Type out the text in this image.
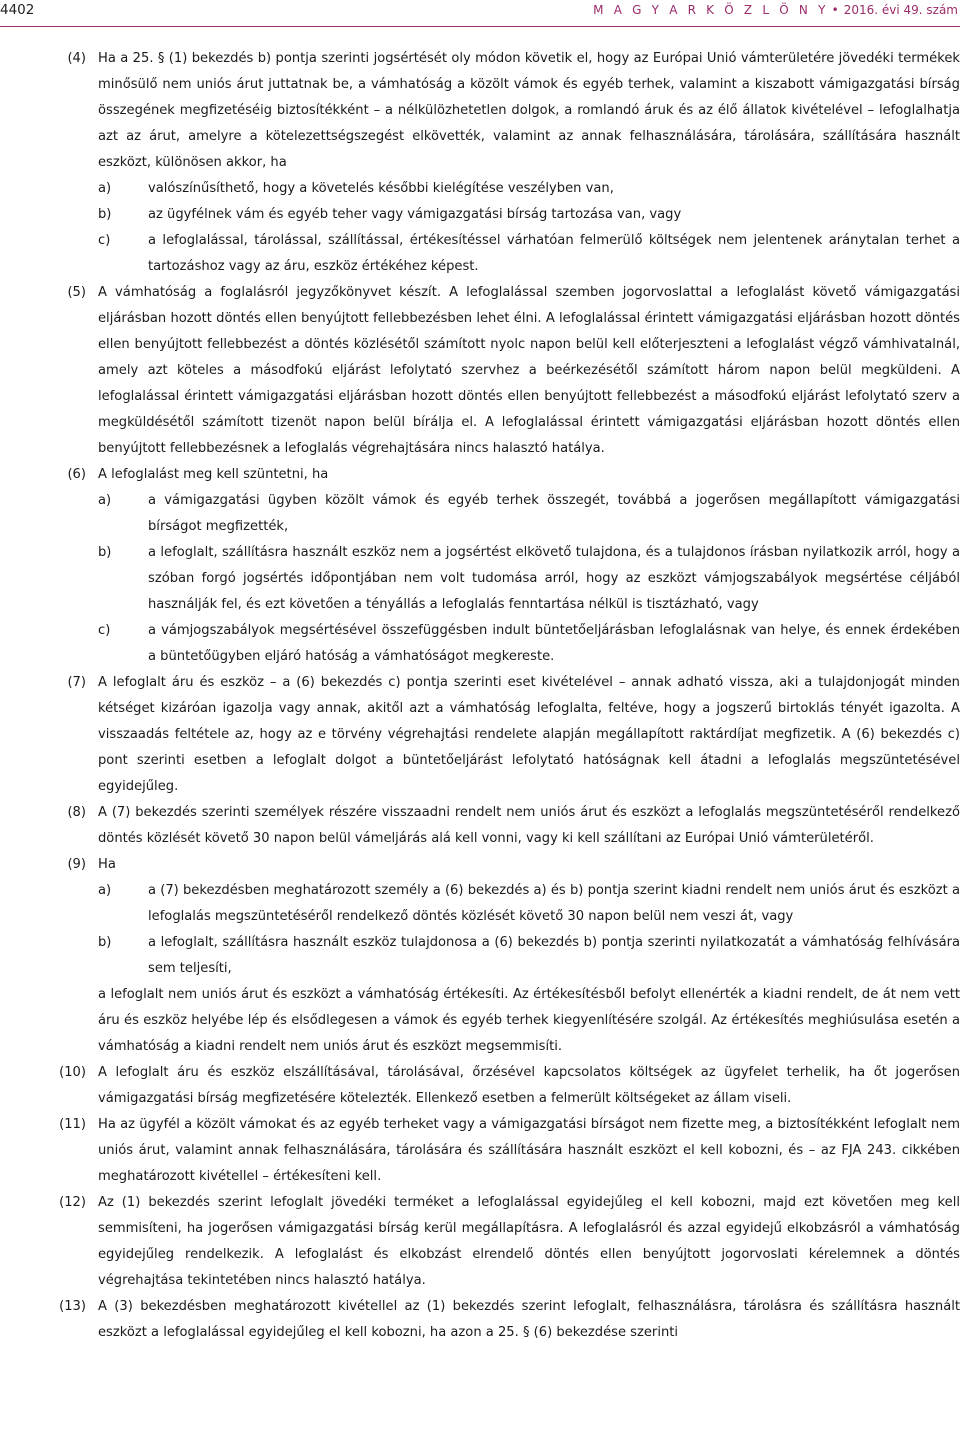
4402	M A G Y A R K Ö Z L Ö N Y • 2016. évi 49. szám
(4) Ha a 25. § (1) bekezdés b) pontja szerinti jogsértését oly módon követik el, hogy az Európai Unió vámterületére jövedéki termékek minősülő nem uniós árut juttatnak be, a vámhatóság a közölt vámok és egyéb terhek, valamint a kiszabott vámigazgatási bírság összegének megfizetéséig biztosítékként – a nélkülözhetetlen dolgok, a romlandó áruk és az élő állatok kivételével – lefoglalhatja azt az árut, amelyre a kötelezettségszegést elkövették, valamint az annak felhasználására, tárolására, szállítására használt eszközt, különösen akkor, ha
a)	valószínűsíthető, hogy a követelés későbbi kielégítése veszélyben van,
b)	az ügyfélnek vám és egyéb teher vagy vámigazgatási bírság tartozása van, vagy
c)	a lefoglalással, tárolással, szállítással, értékesítéssel várhatóan felmerülő költségek nem jelentenek aránytalan terhet a tartozáshoz vagy az áru, eszköz értékéhez képest.
(5) A vámhatóság a foglalásról jegyzőkönyvet készít. A lefoglalással szemben jogorvoslattal a lefoglalást követő vámigazgatási eljárásban hozott döntés ellen benyújtott fellebbezésben lehet élni. A lefoglalással érintett vámigazgatási eljárásban hozott döntés ellen benyújtott fellebbezést a döntés közlésétől számított nyolc napon belül kell előterjeszteni a lefoglalást végző vámhivatalnál, amely azt köteles a másodfokú eljárást lefolytató szervhez a beérkezésétől számított három napon belül megküldeni. A lefoglalással érintett vámigazgatási eljárásban hozott döntés ellen benyújtott fellebbezést a másodfokú eljárást lefolytató szerv a megküldésétől számított tizenöt napon belül bírálja el. A lefoglalással érintett vámigazgatási eljárásban hozott döntés ellen benyújtott fellebbezésnek a lefoglalás végrehajtására nincs halasztó hatálya.
(6) A lefoglalást meg kell szüntetni, ha
a)	a vámigazgatási ügyben közölt vámok és egyéb terhek összegét, továbbá a jogerősen megállapított vámigazgatási bírságot megfizették,
b)	a lefoglalt, szállításra használt eszköz nem a jogsértést elkövető tulajdona, és a tulajdonos írásban nyilatkozik arról, hogy a szóban forgó jogsértés időpontjában nem volt tudomása arról, hogy az eszközt vámjogszabályok megsértése céljából használják fel, és ezt követően a tényállás a lefoglalás fenntartása nélkül is tisztázható, vagy
c)	a vámjogszabályok megsértésével összefüggésben indult büntetőeljárásban lefoglalásnak van helye, és ennek érdekében a büntetőügyben eljáró hatóság a vámhatóságot megkereste.
(7) A lefoglalt áru és eszköz – a (6) bekezdés c) pontja szerinti eset kivételével – annak adható vissza, aki a tulajdonjogát minden kétséget kizáróan igazolja vagy annak, akitől azt a vámhatóság lefoglalta, feltéve, hogy a jogszerű birtoklás tényét igazolta. A visszaadás feltétele az, hogy az e törvény végrehajtási rendelete alapján megállapított raktárdíjat megfizetik. A (6) bekezdés c) pont szerinti esetben a lefoglalt dolgot a büntetőeljárást lefolytató hatóságnak kell átadni a lefoglalás megszüntetésével egyidejűleg.
(8) A (7) bekezdés szerinti személyek részére visszaadni rendelt nem uniós árut és eszközt a lefoglalás megszüntetéséről rendelkező döntés közlését követő 30 napon belül vámeljárás alá kell vonni, vagy ki kell szállítani az Európai Unió vámterületéről.
(9) Ha
a)	a (7) bekezdésben meghatározott személy a (6) bekezdés a) és b) pontja szerint kiadni rendelt nem uniós árut és eszközt a lefoglalás megszüntetéséről rendelkező döntés közlését követő 30 napon belül nem veszi át, vagy
b)	a lefoglalt, szállításra használt eszköz tulajdonosa a (6) bekezdés b) pontja szerinti nyilatkozatát a vámhatóság felhívására sem teljesíti,
a lefoglalt nem uniós árut és eszközt a vámhatóság értékesíti. Az értékesítésből befolyt ellenérték a kiadni rendelt, de át nem vett áru és eszköz helyébe lép és elsődlegesen a vámok és egyéb terhek kiegyenlítésére szolgál. Az értékesítés meghiúsulása esetén a vámhatóság a kiadni rendelt nem uniós árut és eszközt megsemmisíti.
(10) A lefoglalt áru és eszköz elszállításával, tárolásával, őrzésével kapcsolatos költségek az ügyfelet terhelik, ha őt jogerősen vámigazgatási bírság megfizetésére kötelezték. Ellenkező esetben a felmerült költségeket az állam viseli.
(11) Ha az ügyfél a közölt vámokat és az egyéb terheket vagy a vámigazgatási bírságot nem fizette meg, a biztosítékként lefoglalt nem uniós árut, valamint annak felhasználására, tárolására és szállítására használt eszközt el kell kobozni, és – az FJA 243. cikkében meghatározott kivétellel – értékesíteni kell.
(12) Az (1) bekezdés szerint lefoglalt jövedéki terméket a lefoglalással egyidejűleg el kell kobozni, majd ezt követően meg kell semmisíteni, ha jogerősen vámigazgatási bírság kerül megállapításra. A lefoglalásról és azzal egyidejű elkobzásról a vámhatóság egyidejűleg rendelkezik. A lefoglalást és elkobzást elrendelő döntés ellen benyújtott jogorvoslati kérelemnek a döntés végrehajtása tekintetében nincs halasztó hatálya.
(13) A (3) bekezdésben meghatározott kivétellel az (1) bekezdés szerint lefoglalt, felhasználásra, tárolásra és szállításra használt eszközt a lefoglalással egyidejűleg el kell kobozni, ha azon a 25. § (6) bekezdése szerinti
